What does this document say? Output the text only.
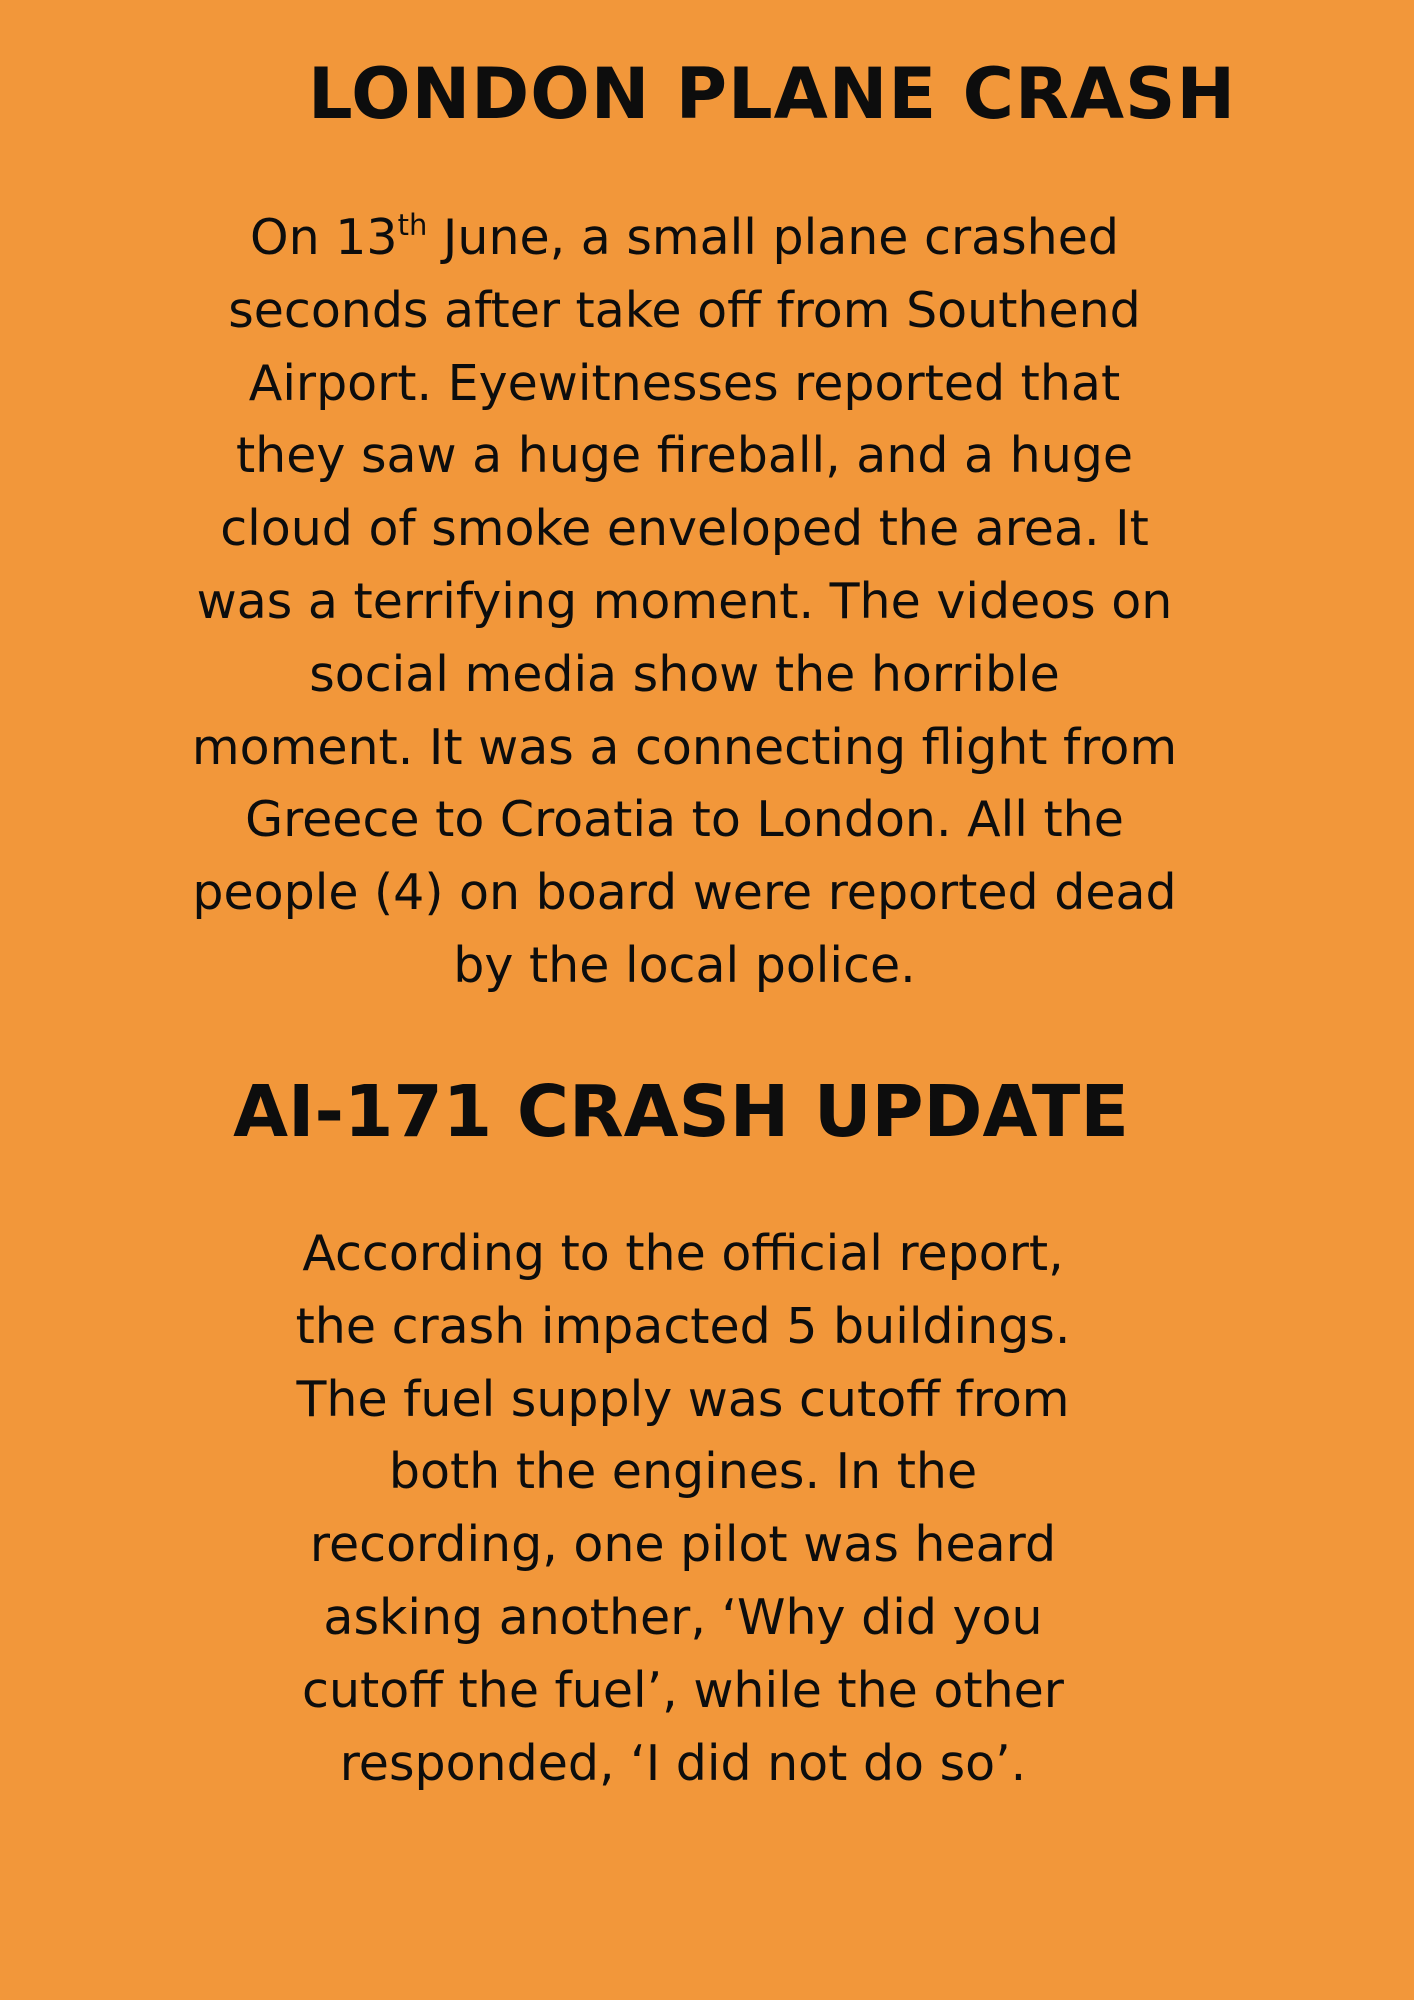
LONDON PLANE CRASH

On 13th June, a small plane crashed
seconds after take off from Southend
Airport. Eyewitnesses reported that
they saw a huge fireball, and a huge
cloud of smoke enveloped the area. It
was a terrifying moment. The videos on
social media show the horrible
moment. It was a connecting flight from
Greece to Croatia to London. All the
people (4) on board were reported dead
by the local police.

AI-171 CRASH UPDATE

According to the official report,
the crash impacted 5 buildings.
The fuel supply was cutoff from
both the engines. In the
recording, one pilot was heard
asking another, ‘Why did you
cutoff the fuel’, while the other
responded, ‘I did not do so’.
